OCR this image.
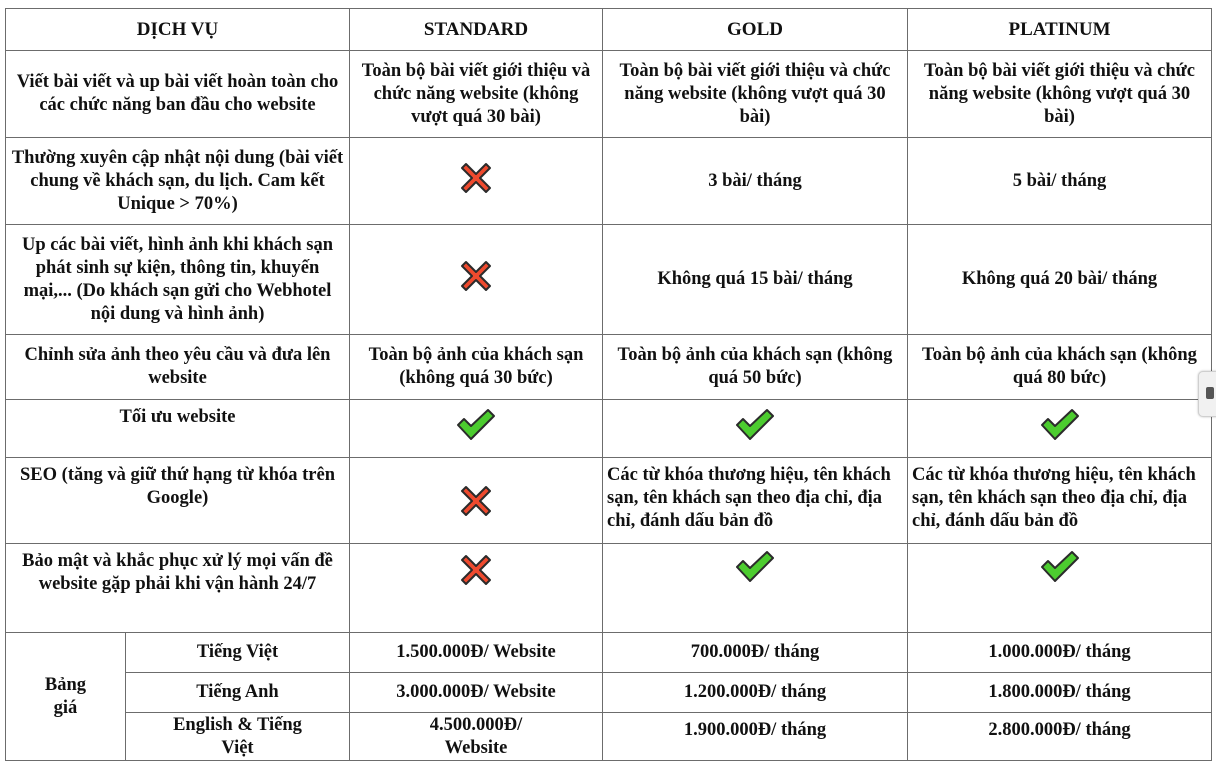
DỊCH VỤ		STANDARD	GOLD	PLATINUM
Viết bài viết và up bài viết hoàn toàn cho các chức năng ban đầu cho website		Toàn bộ bài viết giới thiệu và chức năng website (không vượt quá 30 bài)	Toàn bộ bài viết giới thiệu và chức năng website (không vượt quá 30 bài)	Toàn bộ bài viết giới thiệu và chức năng website (không vượt quá 30 bài)
Thường xuyên cập nhật nội dung (bài viết chung về khách sạn, du lịch. Cam kết Unique > 70%)			3 bài/ tháng	5 bài/ tháng
Up các bài viết, hình ảnh khi khách sạn phát sinh sự kiện, thông tin, khuyến mại,... (Do khách sạn gửi cho Webhotel nội dung và hình ảnh)			Không quá 15 bài/ tháng	Không quá 20 bài/ tháng
Chỉnh sửa ảnh theo yêu cầu và đưa lên website		Toàn bộ ảnh của khách sạn (không quá 30 bức)	Toàn bộ ảnh của khách sạn (không quá 50 bức)	Toàn bộ ảnh của khách sạn (không quá 80 bức)
Tối ưu website			
SEO (tăng và giữ thứ hạng từ khóa trên Google)			Các từ khóa thương hiệu, tên khách sạn, tên khách sạn theo địa chỉ, địa chỉ, đánh dấu bản đồ	Các từ khóa thương hiệu, tên khách sạn, tên khách sạn theo địa chỉ, địa chỉ, đánh dấu bản đồ
Bảo mật và khắc phục xử lý mọi vấn đề website gặp phải khi vận hành 24/7			
Bảng giá	Tiếng Việt	1.500.000Đ/ Website	700.000Đ/ tháng	1.000.000Đ/ tháng
	Tiếng Anh	3.000.000Đ/ Website	1.200.000Đ/ tháng	1.800.000Đ/ tháng
	English & Tiếng Việt	4.500.000Đ/ Website	1.900.000Đ/ tháng	2.800.000Đ/ tháng
